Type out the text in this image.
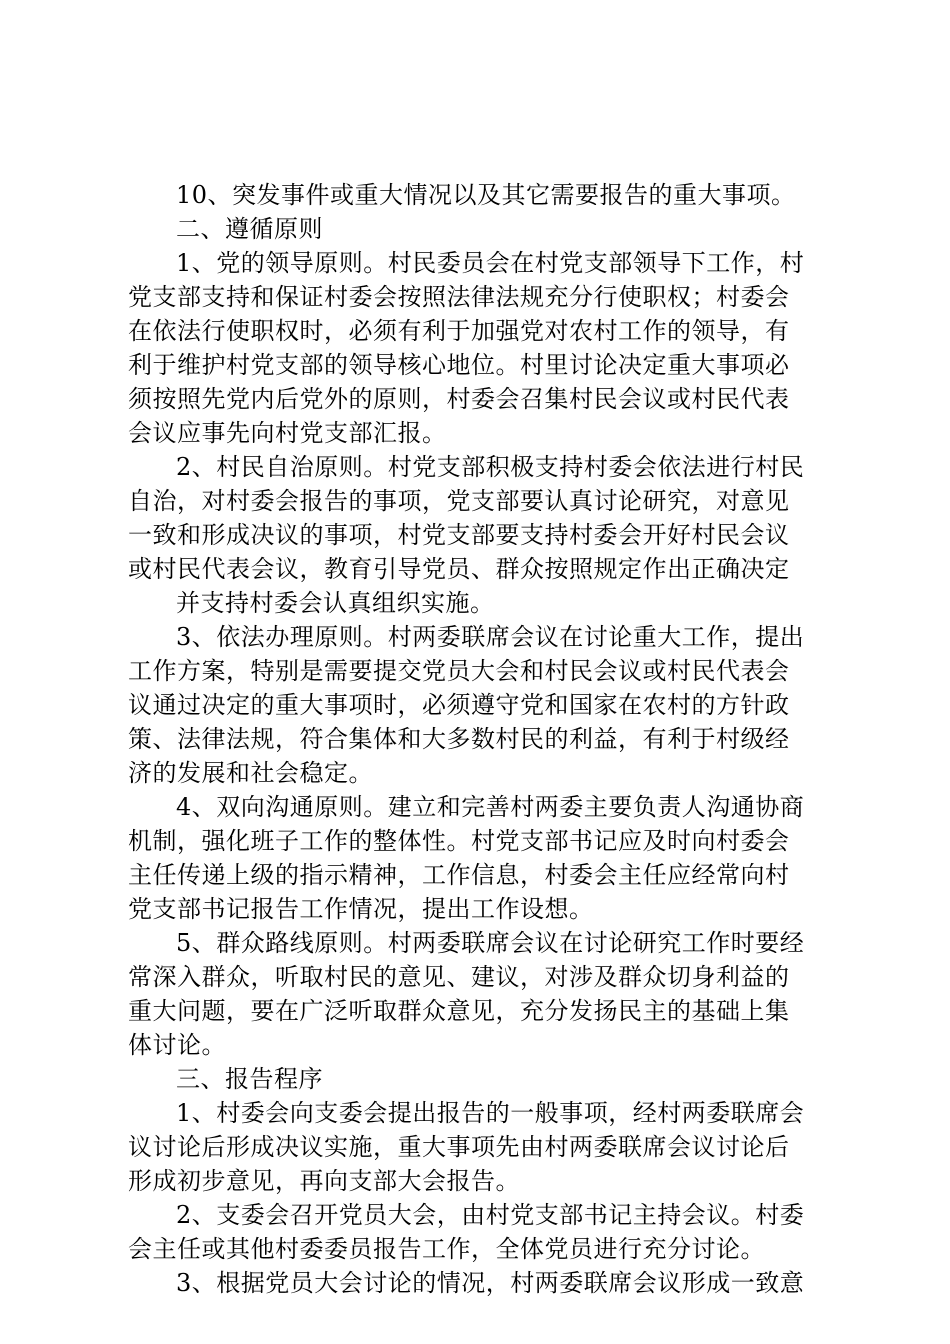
10、突发事件或重大情况以及其它需要报告的重大事项。
二、遵循原则
1、党的领导原则。村民委员会在村党支部领导下工作，村
党支部支持和保证村委会按照法律法规充分行使职权；村委会
在依法行使职权时，必须有利于加强党对农村工作的领导，有
利于维护村党支部的领导核心地位。村里讨论决定重大事项必
须按照先党内后党外的原则，村委会召集村民会议或村民代表
会议应事先向村党支部汇报。
2、村民自治原则。村党支部积极支持村委会依法进行村民
自治，对村委会报告的事项，党支部要认真讨论研究，对意见
一致和形成决议的事项，村党支部要支持村委会开好村民会议
或村民代表会议，教育引导党员、群众按照规定作出正确决定
并支持村委会认真组织实施。
3、依法办理原则。村两委联席会议在讨论重大工作，提出
工作方案，特别是需要提交党员大会和村民会议或村民代表会
议通过决定的重大事项时，必须遵守党和国家在农村的方针政
策、法律法规，符合集体和大多数村民的利益，有利于村级经
济的发展和社会稳定。
4、双向沟通原则。建立和完善村两委主要负责人沟通协商
机制，强化班子工作的整体性。村党支部书记应及时向村委会
主任传递上级的指示精神，工作信息，村委会主任应经常向村
党支部书记报告工作情况，提出工作设想。
5、群众路线原则。村两委联席会议在讨论研究工作时要经
常深入群众，听取村民的意见、建议，对涉及群众切身利益的
重大问题，要在广泛听取群众意见，充分发扬民主的基础上集
体讨论。
三、报告程序
1、村委会向支委会提出报告的一般事项，经村两委联席会
议讨论后形成决议实施，重大事项先由村两委联席会议讨论后
形成初步意见，再向支部大会报告。
2、支委会召开党员大会，由村党支部书记主持会议。村委
会主任或其他村委委员报告工作，全体党员进行充分讨论。
3、根据党员大会讨论的情况，村两委联席会议形成一致意
